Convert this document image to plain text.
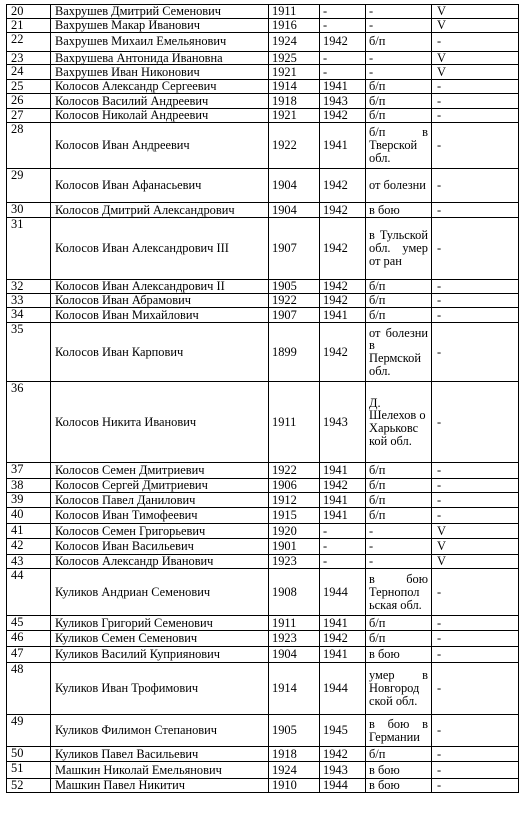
20	Вахрушев Дмитрий Семенович	1911	-	-	V
21	Вахрушев Макар Иванович	1916	-	-	V
22	Вахрушев Михаил Емельянович	1924	1942	б/п	-
23	Вахрушева Антонида Ивановна	1925	-	-	V
24	Вахрушев Иван Никонович	1921	-	-	V
25	Колосов Александр Сергеевич	1914	1941	б/п	-
26	Колосов Василий Андреевич	1918	1943	б/п	-
27	Колосов Николай Андреевич	1921	1942	б/п	-
28	Колосов Иван Андреевич	1922	1941	б/п в Тверской обл.	-
29	Колосов Иван Афанасьевич	1904	1942	от болезни	-
30	Колосов Дмитрий Александрович	1904	1942	в бою	-
31	Колосов Иван Александрович III	1907	1942	в Тульской обл. умер от ран	-
32	Колосов Иван Александрович II	1905	1942	б/п	-
33	Колосов Иван Абрамович	1922	1942	б/п	-
34	Колосов Иван Михайлович	1907	1941	б/п	-
35	Колосов Иван Карпович	1899	1942	от болезни в Пермской обл.	-
36	Колосов Никита Иванович	1911	1943	Д. Шелехов о Харьковс кой обл.	-
37	Колосов Семен Дмитриевич	1922	1941	б/п	-
38	Колосов Сергей Дмитриевич	1906	1942	б/п	-
39	Колосов Павел Данилович	1912	1941	б/п	-
40	Колосов Иван Тимофеевич	1915	1941	б/п	-
41	Колосов Семен Григорьевич	1920	-	-	V
42	Колосов Иван Васильевич	1901	-	-	V
43	Колосов Александр Иванович	1923	-	-	V
44	Куликов Андриан Семенович	1908	1944	в бою Тернопол ьская обл.	-
45	Куликов Григорий Семенович	1911	1941	б/п	-
46	Куликов Семен Семенович	1923	1942	б/п	-
47	Куликов Василий Куприянович	1904	1941	в бою	-
48	Куликов Иван Трофимович	1914	1944	умер в Новгород ской обл.	-
49	Куликов Филимон Степанович	1905	1945	в бою в Германии	-
50	Куликов Павел Васильевич	1918	1942	б/п	-
51	Машкин Николай Емельянович	1924	1943	в бою	-
52	Машкин Павел Никитич	1910	1944	в бою	-
